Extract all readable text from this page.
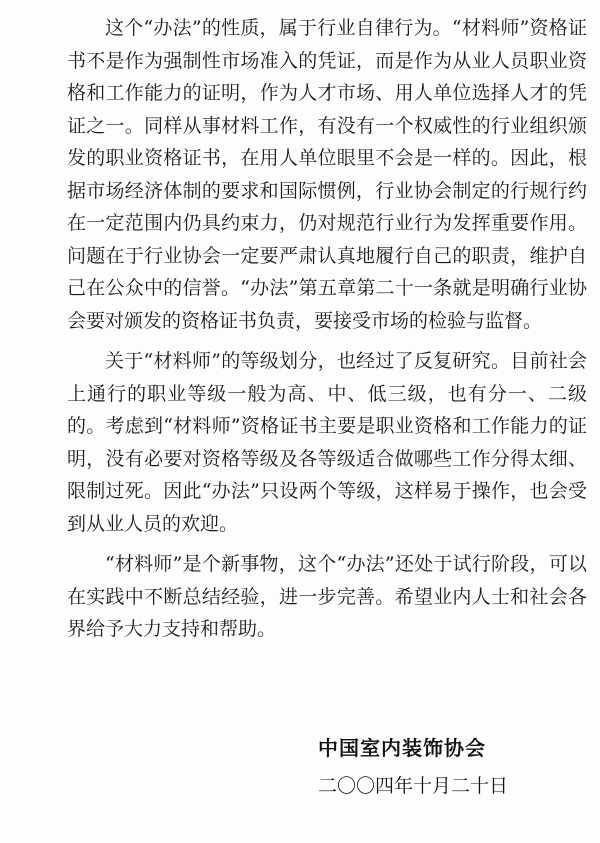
这个“办法”的性质，属于行业自律行为。“材料师”资格证书不是作为强制性市场准入的凭证，而是作为从业人员职业资格和工作能力的证明，作为人才市场、用人单位选择人才的凭证之一。同样从事材料工作，有没有一个权威性的行业组织颁发的职业资格证书，在用人单位眼里不会是一样的。因此，根据市场经济体制的要求和国际惯例，行业协会制定的行规行约在一定范围内仍具约束力，仍对规范行业行为发挥重要作用。问题在于行业协会一定要严肃认真地履行自己的职责，维护自己在公众中的信誉。“办法”第五章第二十一条就是明确行业协会要对颁发的资格证书负责，要接受市场的检验与监督。

关于“材料师”的等级划分，也经过了反复研究。目前社会上通行的职业等级一般为高、中、低三级，也有分一、二级的。考虑到“材料师”资格证书主要是职业资格和工作能力的证明，没有必要对资格等级及各等级适合做哪些工作分得太细、限制过死。因此“办法”只设两个等级，这样易于操作，也会受到从业人员的欢迎。

“材料师”是个新事物，这个“办法”还处于试行阶段，可以在实践中不断总结经验，进一步完善。希望业内人士和社会各界给予大力支持和帮助。

中国室内装饰协会
二〇〇四年十月二十日
